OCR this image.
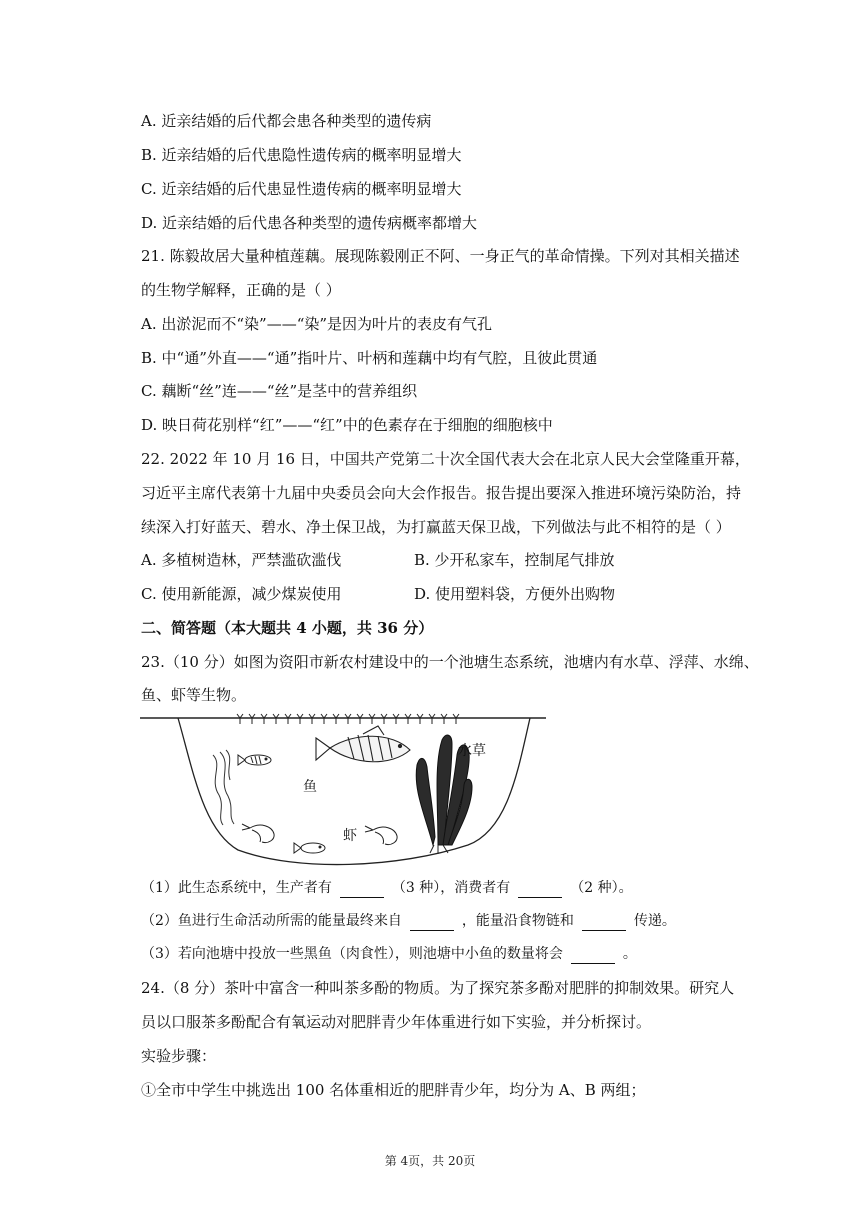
A. 近亲结婚的后代都会患各种类型的遗传病
B. 近亲结婚的后代患隐性遗传病的概率明显增大
C. 近亲结婚的后代患显性遗传病的概率明显增大
D. 近亲结婚的后代患各种类型的遗传病概率都增大
21. 陈毅故居大量种植莲藕。展现陈毅刚正不阿、一身正气的革命情操。下列对其相关描述
的生物学解释，正确的是（ ）
A. 出淤泥而不“染”——“染”是因为叶片的表皮有气孔
B. 中“通”外直——“通”指叶片、叶柄和莲藕中均有气腔，且彼此贯通
C. 藕断“丝”连——“丝”是茎中的营养组织
D. 映日荷花别样“红”——“红”中的色素存在于细胞的细胞核中
22. 2022 年 10 月 16 日，中国共产党第二十次全国代表大会在北京人民大会堂隆重开幕，
习近平主席代表第十九届中央委员会向大会作报告。报告提出要深入推进环境污染防治，持
续深入打好蓝天、碧水、净土保卫战，为打赢蓝天保卫战，下列做法与此不相符的是（ ）
A. 多植树造林，严禁滥砍滥伐	B. 少开私家车，控制尾气排放
C. 使用新能源，减少煤炭使用	D. 使用塑料袋，方便外出购物
二、简答题（本大题共 4 小题，共 36 分）
23.（10 分）如图为资阳市新农村建设中的一个池塘生态系统，池塘内有水草、浮萍、水绵、
鱼、虾等生物。
水草
鱼
虾
（1）此生态系统中，生产者有	（3 种），消费者有	（2 种）。
（2）鱼进行生命活动所需的能量最终来自	，能量沿食物链和	传递。
（3）若向池塘中投放一些黑鱼（肉食性），则池塘中小鱼的数量将会	。
24.（8 分）茶叶中富含一种叫茶多酚的物质。为了探究茶多酚对肥胖的抑制效果。研究人
员以口服茶多酚配合有氧运动对肥胖青少年体重进行如下实验，并分析探讨。
实验步骤：
①全市中学生中挑选出 100 名体重相近的肥胖青少年，均分为 A、B 两组；
第 4页，共 20页
